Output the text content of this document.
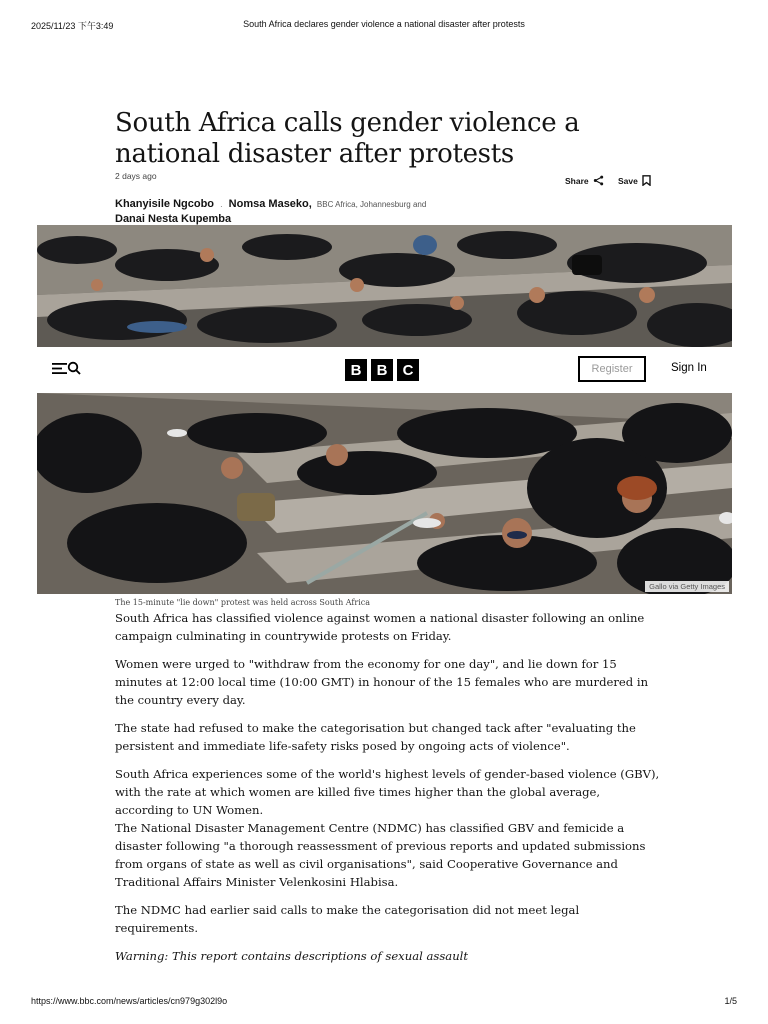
2025/11/23 下午3:49	South Africa declares gender violence a national disaster after protests
South Africa calls gender violence a national disaster after protests
2 days ago	Share
	Save
Khanyisile Ngcobo . Nomsa Maseko, BBC Africa, Johannesburg and
Danai Nesta Kupemba
B	B	C	Register	Sign In
Gallo via Getty Images
The 15-minute "lie down" protest was held across South Africa

South Africa has classified violence against women a national disaster following an online campaign culminating in countrywide protests on Friday.

Women were urged to "withdraw from the economy for one day", and lie down for 15 minutes at 12:00 local time (10:00 GMT) in honour of the 15 females who are murdered in the country every day.

The state had refused to make the categorisation but changed tack after "evaluating the persistent and immediate life-safety risks posed by ongoing acts of violence".

South Africa experiences some of the world's highest levels of gender-based violence (GBV), with the rate at which women are killed five times higher than the global average, according to UN Women.

The National Disaster Management Centre (NDMC) has classified GBV and femicide a disaster following "a thorough reassessment of previous reports and updated submissions from organs of state as well as civil organisations", said Cooperative Governance and Traditional Affairs Minister Velenkosini Hlabisa.

The NDMC had earlier said calls to make the categorisation did not meet legal requirements.

Warning: This report contains descriptions of sexual assault

https://www.bbc.com/news/articles/cn979g302l9o	1/5
